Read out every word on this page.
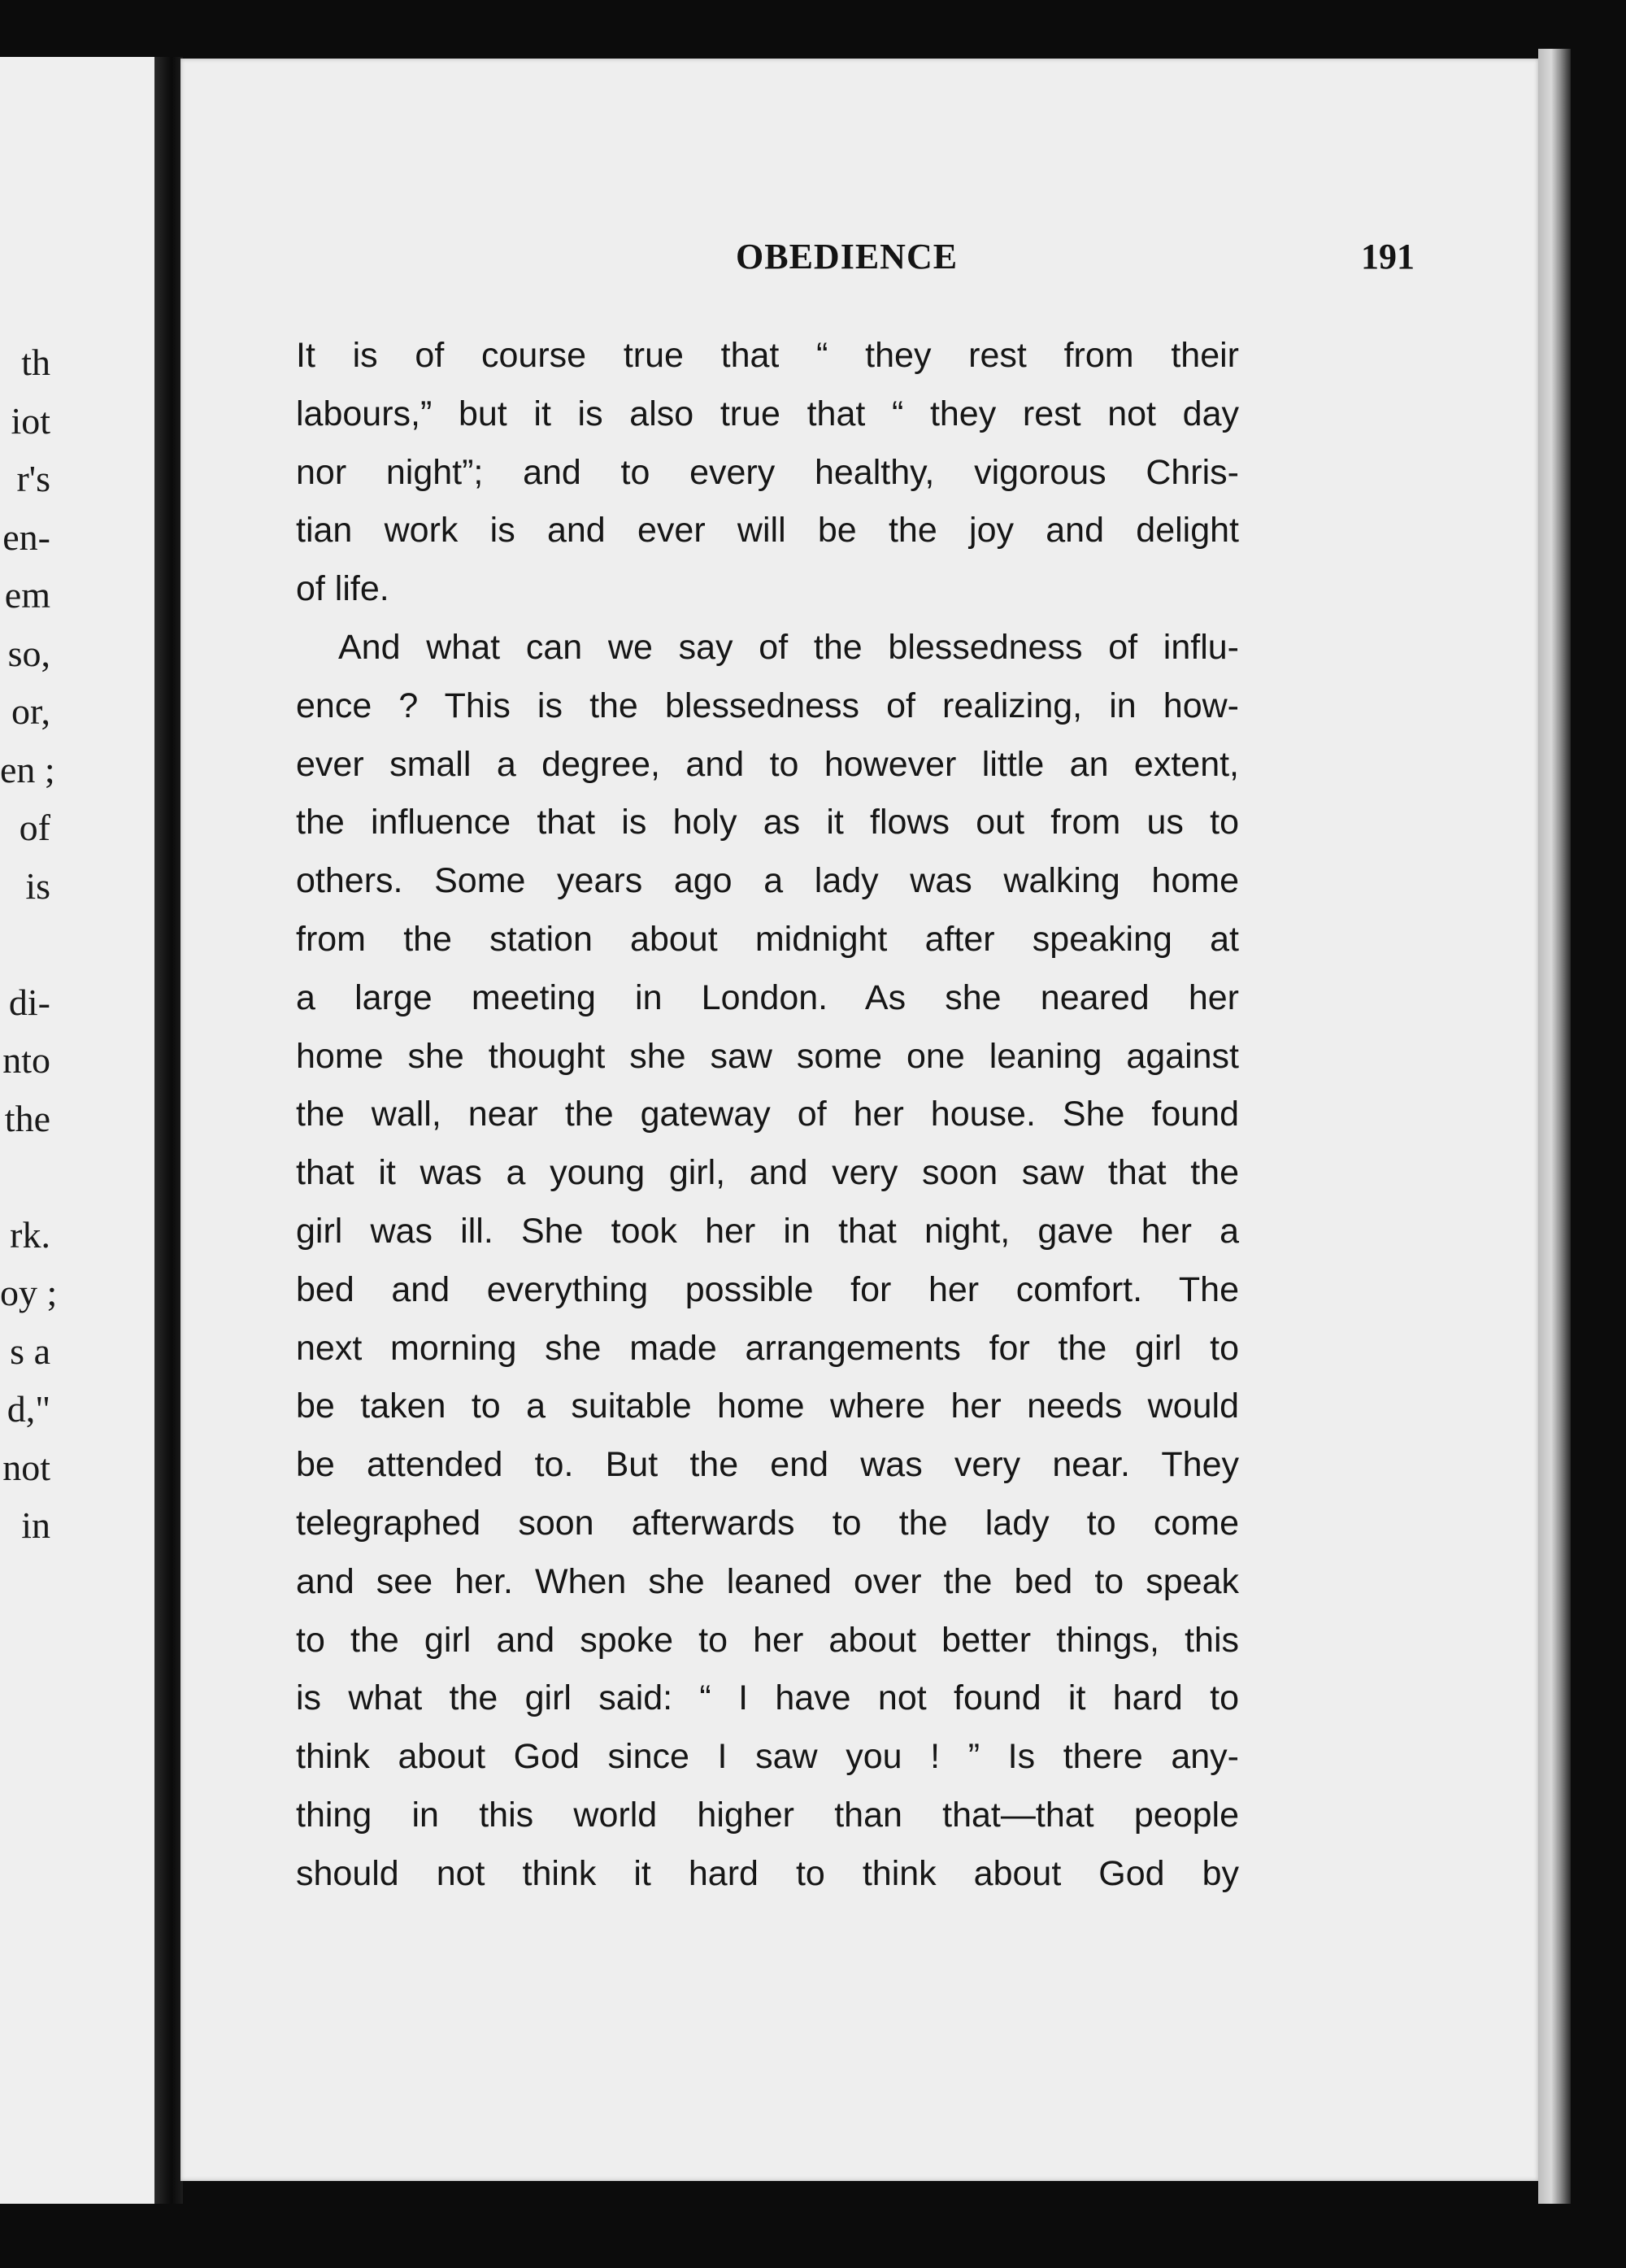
th
iot
r's
en-
em
so,
or,
en ;
of
is
di-
nto
the
rk.
oy ;
s a
d,"
not
in
OBEDIENCE	191
It is of course true that “ they rest from their
labours,” but it is also true that “ they rest not day
nor night”; and to every healthy, vigorous Chris-
tian work is and ever will be the joy and delight
of life.
And what can we say of the blessedness of influ-
ence ? This is the blessedness of realizing, in how-
ever small a degree, and to however little an extent,
the influence that is holy as it flows out from us to
others. Some years ago a lady was walking home
from the station about midnight after speaking at
a large meeting in London. As she neared her
home she thought she saw some one leaning against
the wall, near the gateway of her house. She found
that it was a young girl, and very soon saw that the
girl was ill. She took her in that night, gave her a
bed and everything possible for her comfort. The
next morning she made arrangements for the girl to
be taken to a suitable home where her needs would
be attended to. But the end was very near. They
telegraphed soon afterwards to the lady to come
and see her. When she leaned over the bed to speak
to the girl and spoke to her about better things, this
is what the girl said: “ I have not found it hard to
think about God since I saw you ! ” Is there any-
thing in this world higher than that—that people
should not think it hard to think about God by
